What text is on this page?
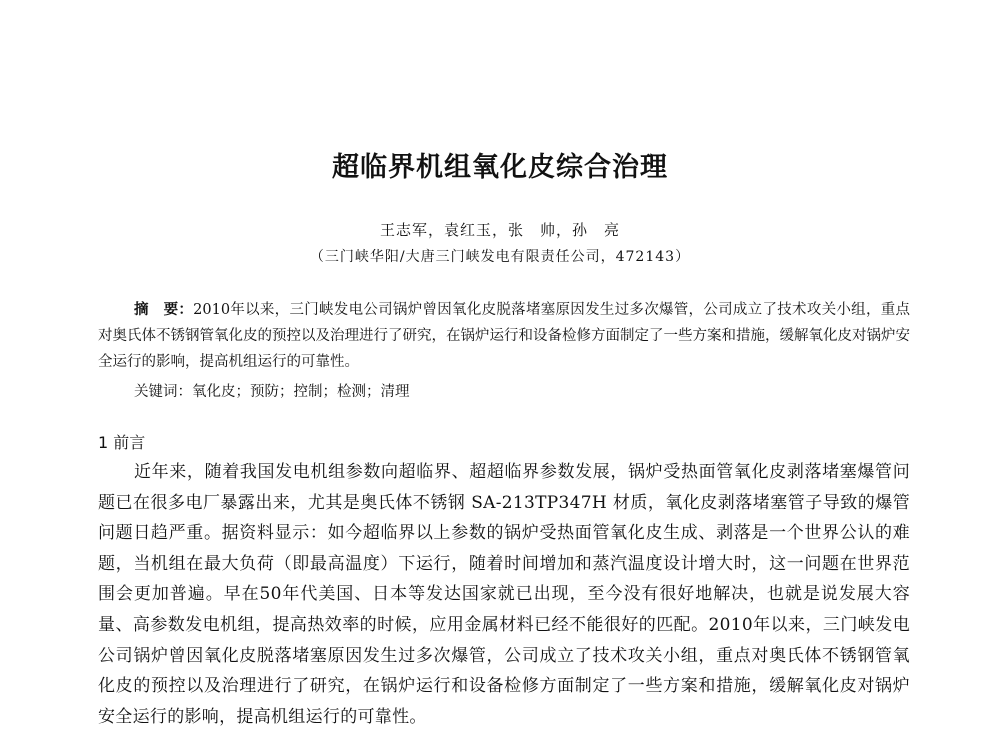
超临界机组氧化皮综合治理
王志军，袁红玉，张　帅，孙　亮
（三门峡华阳/大唐三门峡发电有限责任公司，472143）
摘　要：2010年以来，三门峡发电公司锅炉曾因氧化皮脱落堵塞原因发生过多次爆管，公司成立了技术攻关小组，重点对奥氏体不锈钢管氧化皮的预控以及治理进行了研究，在锅炉运行和设备检修方面制定了一些方案和措施，缓解氧化皮对锅炉安全运行的影响，提高机组运行的可靠性。
关键词：氧化皮；预防；控制；检测；清理
1 前言
近年来，随着我国发电机组参数向超临界、超超临界参数发展，锅炉受热面管氧化皮剥落堵塞爆管问题已在很多电厂暴露出来，尤其是奥氏体不锈钢 SA-213TP347H 材质，氧化皮剥落堵塞管子导致的爆管问题日趋严重。据资料显示：如今超临界以上参数的锅炉受热面管氧化皮生成、剥落是一个世界公认的难题，当机组在最大负荷（即最高温度）下运行，随着时间增加和蒸汽温度设计增大时，这一问题在世界范围会更加普遍。早在50年代美国、日本等发达国家就已出现，至今没有很好地解决，也就是说发展大容量、高参数发电机组，提高热效率的时候，应用金属材料已经不能很好的匹配。2010年以来，三门峡发电公司锅炉曾因氧化皮脱落堵塞原因发生过多次爆管，公司成立了技术攻关小组，重点对奥氏体不锈钢管氧化皮的预控以及治理进行了研究，在锅炉运行和设备检修方面制定了一些方案和措施，缓解氧化皮对锅炉安全运行的影响，提高机组运行的可靠性。
